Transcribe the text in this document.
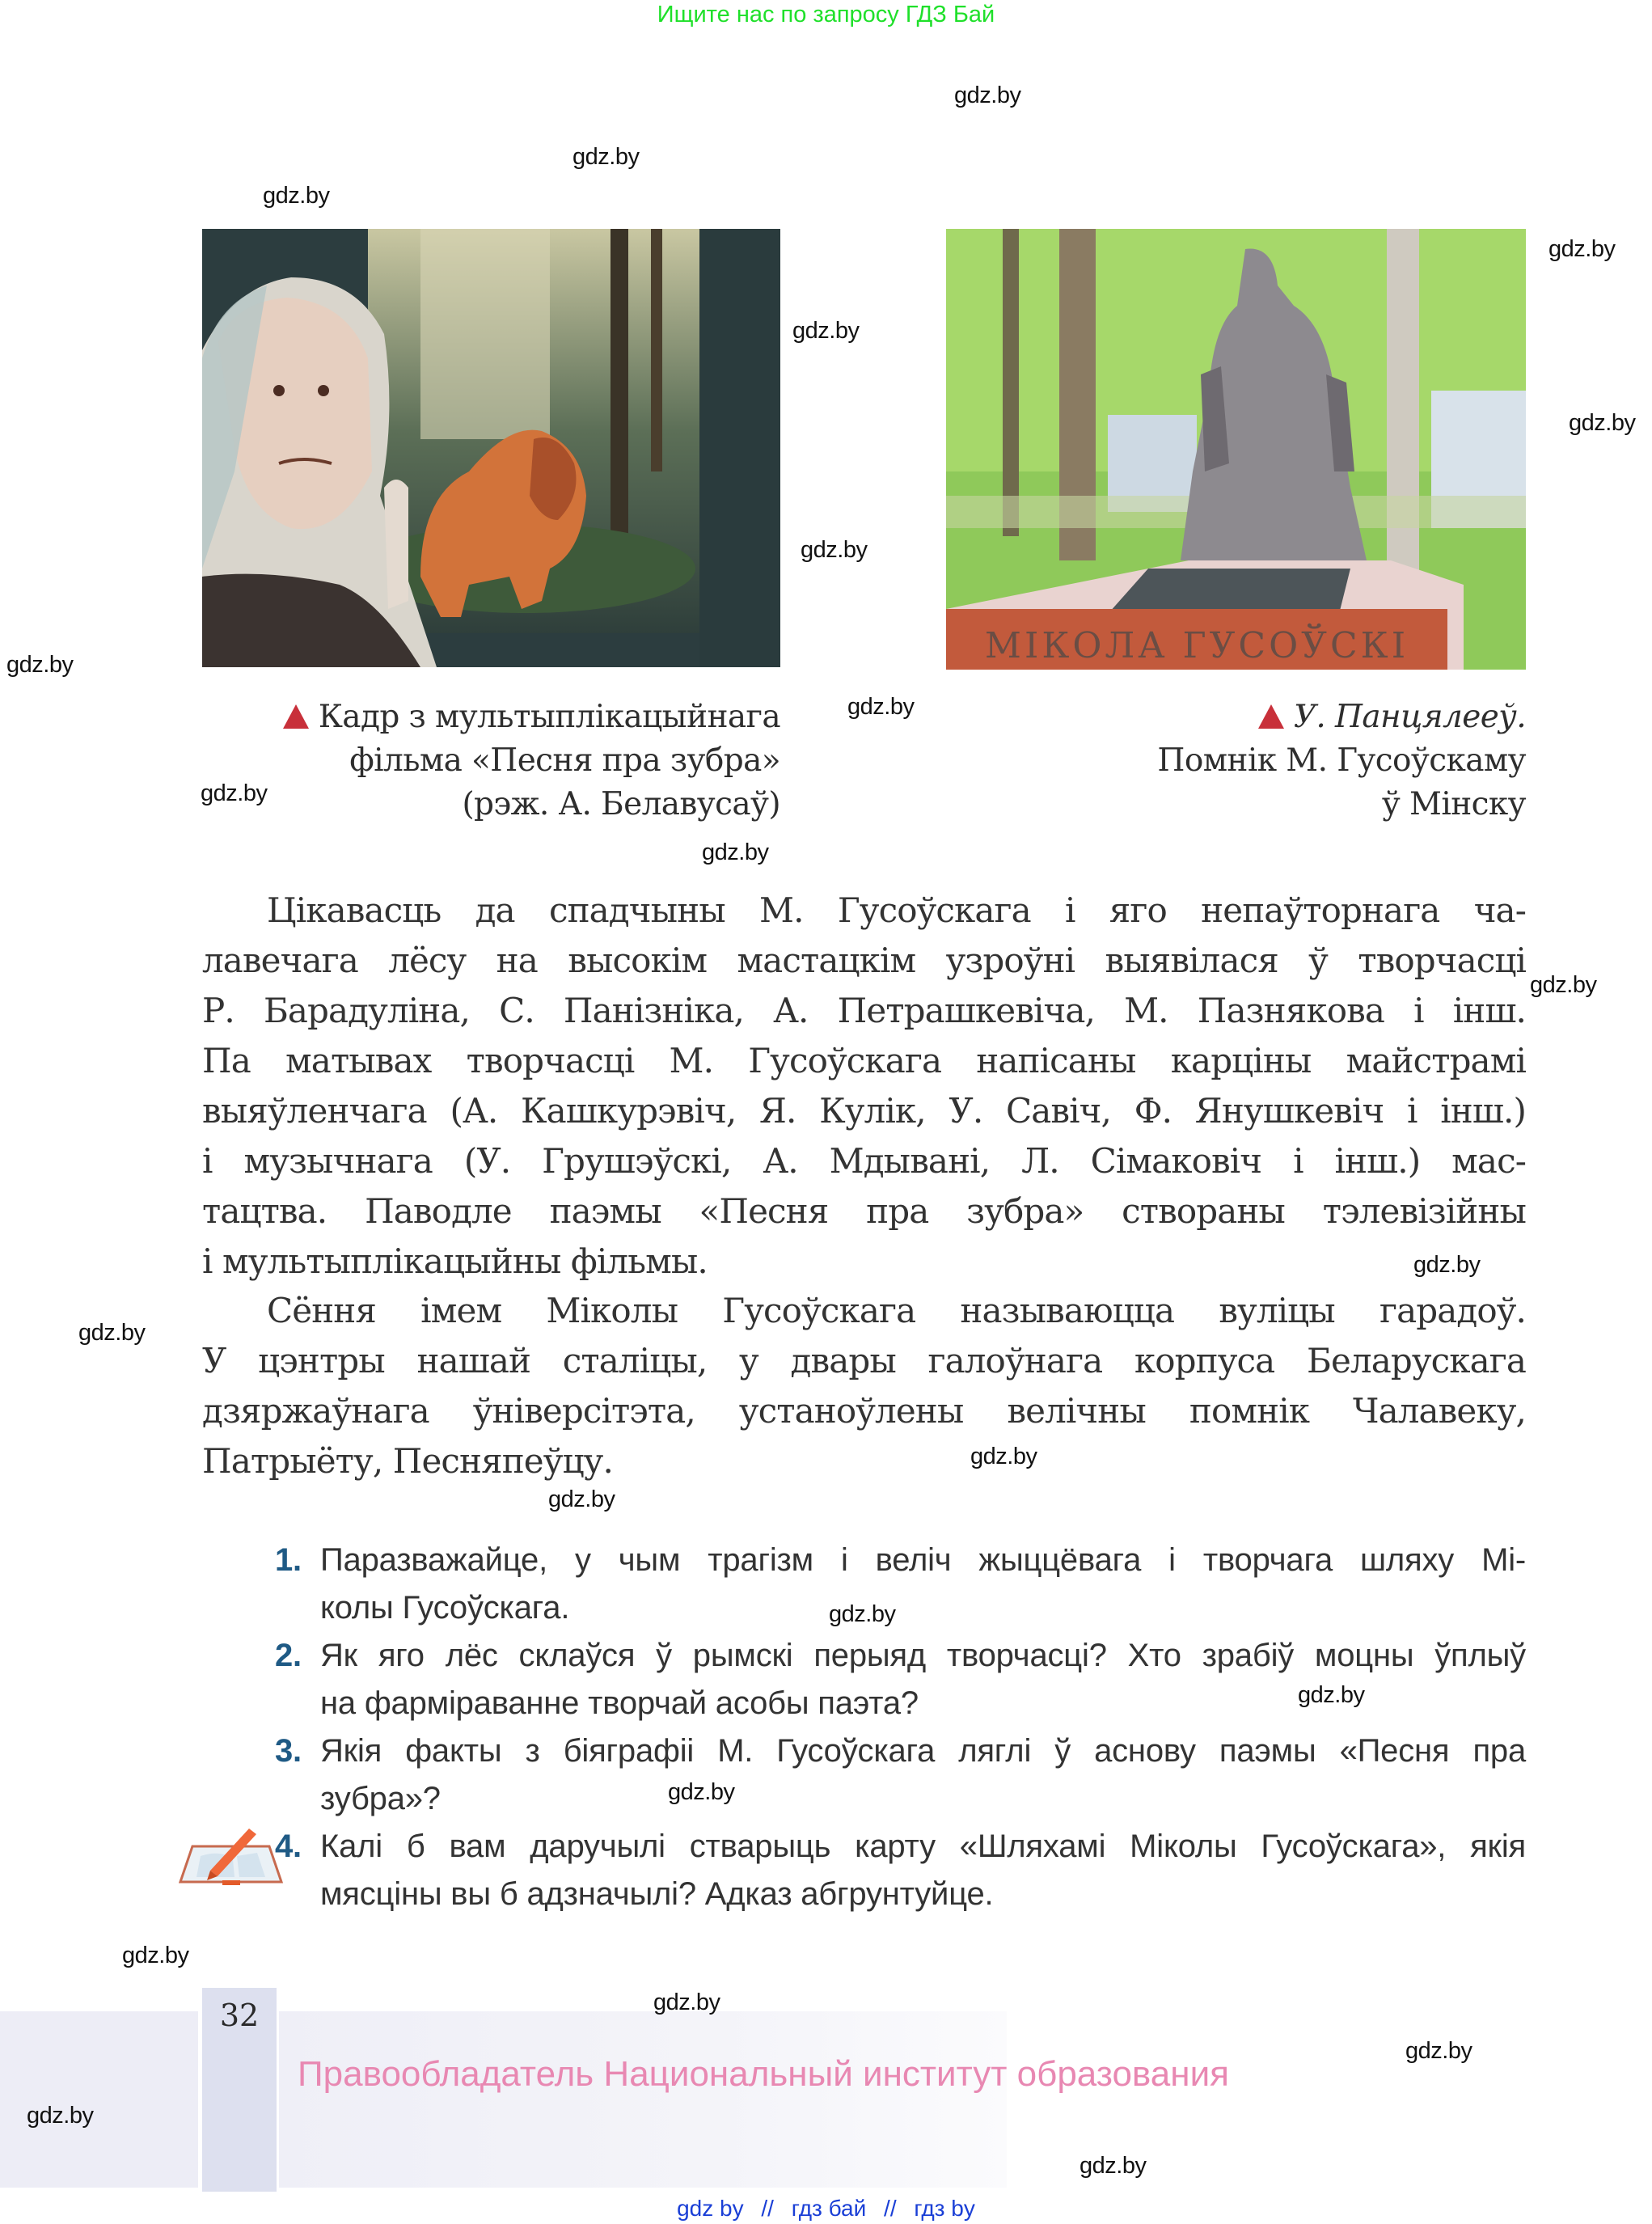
Ищите нас по запросу ГДЗ Бай
МІКОЛА ГУСОЎСКІ
Кадр з мультыплікацыйнага
фільма «Песня пра зубра»
(рэж. А. Белавусаў)
У. Панцялееў.
Помнік М. Гусоўскаму
ў Мінску
Цікавасць да спадчыны М. Гусоўскага і яго непаўторнага ча-
лавечага лёсу на высокім мастацкім узроўні выявілася ў творчасці
Р. Барадуліна, С. Панізніка, А. Петрашкевіча, М. Пазнякова і інш.
Па матывах творчасці М. Гусоўскага напісаны карціны майстрамі
выяўленчага (А. Кашкурэвіч, Я. Кулік, У. Савіч, Ф. Янушкевіч і інш.)
і музычнага (У. Грушэўскі, А. Мдывані, Л. Сімаковіч і інш.) мас-
тацтва. Паводле паэмы «Песня пра зубра» створаны тэлевізійны
і мультыплікацыйны фільмы.
Сёння імем Міколы Гусоўскага называюцца вуліцы гарадоў.
У цэнтры нашай сталіцы, у двары галоўнага корпуса Беларускага
дзяржаўнага ўніверсітэта, устаноўлены велічны помнік Чалавеку,
Патрыёту, Песняпеўцу.
1. Паразважайце, у чым трагізм і веліч жыццёвага і творчага шляху Мі-
колы Гусоўскага.
2. Як яго лёс склаўся ў рымскі перыяд творчасці? Хто зрабіў моцны ўплыў
на фарміраванне творчай асобы паэта?
3. Якія факты з біяграфіі М. Гусоўскага ляглі ў аснову паэмы «Песня пра
зубра»?
4. Калі б вам даручылі стварыць карту «Шляхамі Міколы Гусоўскага», якія
мясціны вы б адзначылі? Адказ абгрунтуйце.
32
Правообладатель Национальный институт образования
gdz by // гдз бай // гдз by
gdz.by
gdz.by
gdz.by
gdz.by
gdz.by
gdz.by
gdz.by
gdz.by
gdz.by
gdz.by
gdz.by
gdz.by
gdz.by
gdz.by
gdz.by
gdz.by
gdz.by
gdz.by
gdz.by
gdz.by
gdz.by
gdz.by
gdz.by
gdz.by
